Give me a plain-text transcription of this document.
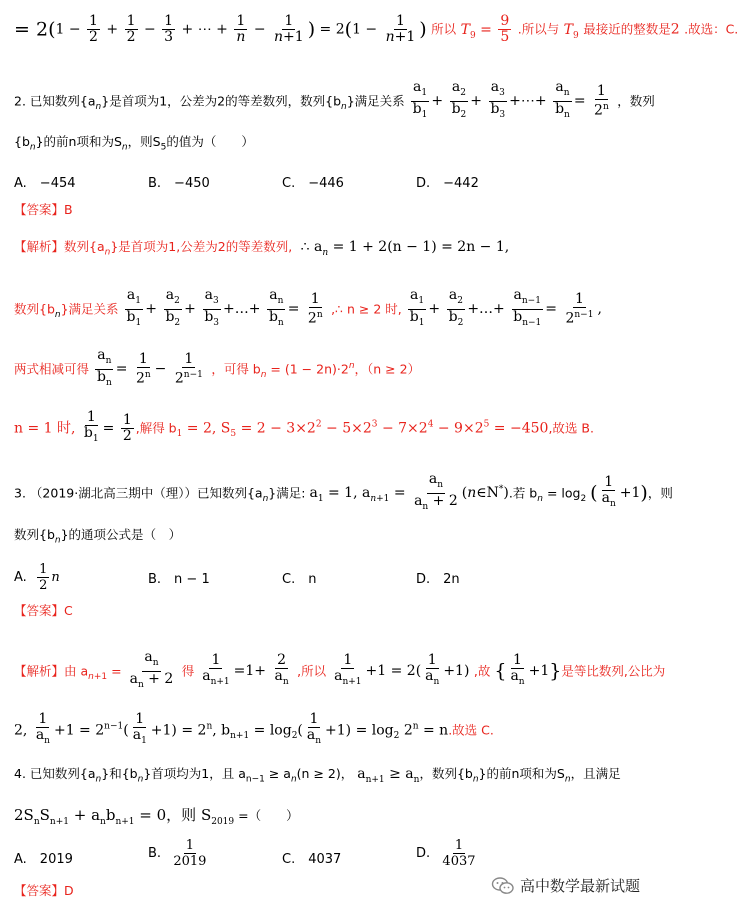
= $2(1 - \frac{1}{2} + \frac{1}{2} - \frac{1}{3}$ + ⋯ + $\frac{1}{n} - \frac{1}{n+1}$ ) = $2(1 - \frac{1}{n+1}$ ) 所以 $T_9 = \frac{9}{5}$ .所以与 $T_9$ 最接近的整数是2 .故选：C.
2. 已知数列$\{a_n\}$是首项为1，公差为2的等差数列，数列$\{b_n\}$满足关系 $\frac{a_1}{b_1} + \frac{a_2}{b_2} + \frac{a_3}{b_3}$ +⋯+ $\frac{a_n}{b_n} = \frac{1}{2^n}$ ，数列
$\{b_n\}$的前n项和为$S_n$，则$S_5$的值为（　　）
A.　−454	B.　−450	C.　−446	D.　−442
【答案】B
【解析】数列$\{a_n\}$是首项为1,公差为2的等差数列, ∴ $a_n = 1 + 2(n - 1) = 2n - 1$,
数列$\{b_n\}$满足关系 $\frac{a_1}{b_1} + \frac{a_2}{b_2} + \frac{a_3}{b_3}$ +…+ $\frac{a_n}{b_n} = \frac{1}{2^n}$ ,∴ n ≥ 2 时, $\frac{a_1}{b_1} + \frac{a_2}{b_2}$ +…+ $\frac{a_{n-1}}{b_{n-1}} = \frac{1}{2^{n-1}}$ ,
两式相减可得 $\frac{a_n}{b_n} = \frac{1}{2^n} - \frac{1}{2^{n-1}}$ ，可得 $b_n = (1 - 2n)\cdot 2^n$，（n ≥ 2）
n = 1 时, $\frac{1}{b_1} = \frac{1}{2}$ ,解得 $b_1 = 2$, $S_5 = 2 - 3\times 2^2 - 5\times 2^3 - 7\times 2^4 - 9\times 2^5 = -450$,故选 B.
3. （2019·湖北高三期中（理））已知数列$\{a_n\}$满足: $a_1 = 1$, $a_{n+1} = \frac{a_n}{a_n + 2}$ (n∈N*).若 $b_n = \log_2$ ( $\frac{1}{a_n} +1$)，则
数列$\{b_n\}$的通项公式是（　）
A. $\frac{1}{2}$ n	B.　n − 1	C.　n	D.　2n
【答案】C
【解析】由 $a_{n+1} = \frac{a_n}{a_n + 2}$ 得 $\frac{1}{a_{n+1}} =1+ \frac{2}{a_n}$ ,所以 $\frac{1}{a_{n+1}} +1 = 2( \frac{1}{a_n} +1)$ ,故 { $\frac{1}{a_n} +1$}是等比数列,公比为
2, $\frac{1}{a_n} +1 = 2^{n-1}( \frac{1}{a_1} +1) = 2^n$, $b_{n+1} = \log_2( \frac{1}{a_n} +1) = \log_2 2^n = n$.故选 C.
4. 已知数列$\{a_n\}$和$\{b_n\}$首项均为1，且 $a_{n-1} \ge a_n(n \ge 2)$， $a_{n+1} \ge a_n$，数列$\{b_n\}$的前n项和为$S_n$，且满足
$2S_nS_{n+1} + a_nb_{n+1} = 0$，则 $S_{2019}$ =（　　）
A.　2019	B. $\frac{1}{2019}$	C.　4037	D. $\frac{1}{4037}$
【答案】D	高中数学最新试题
